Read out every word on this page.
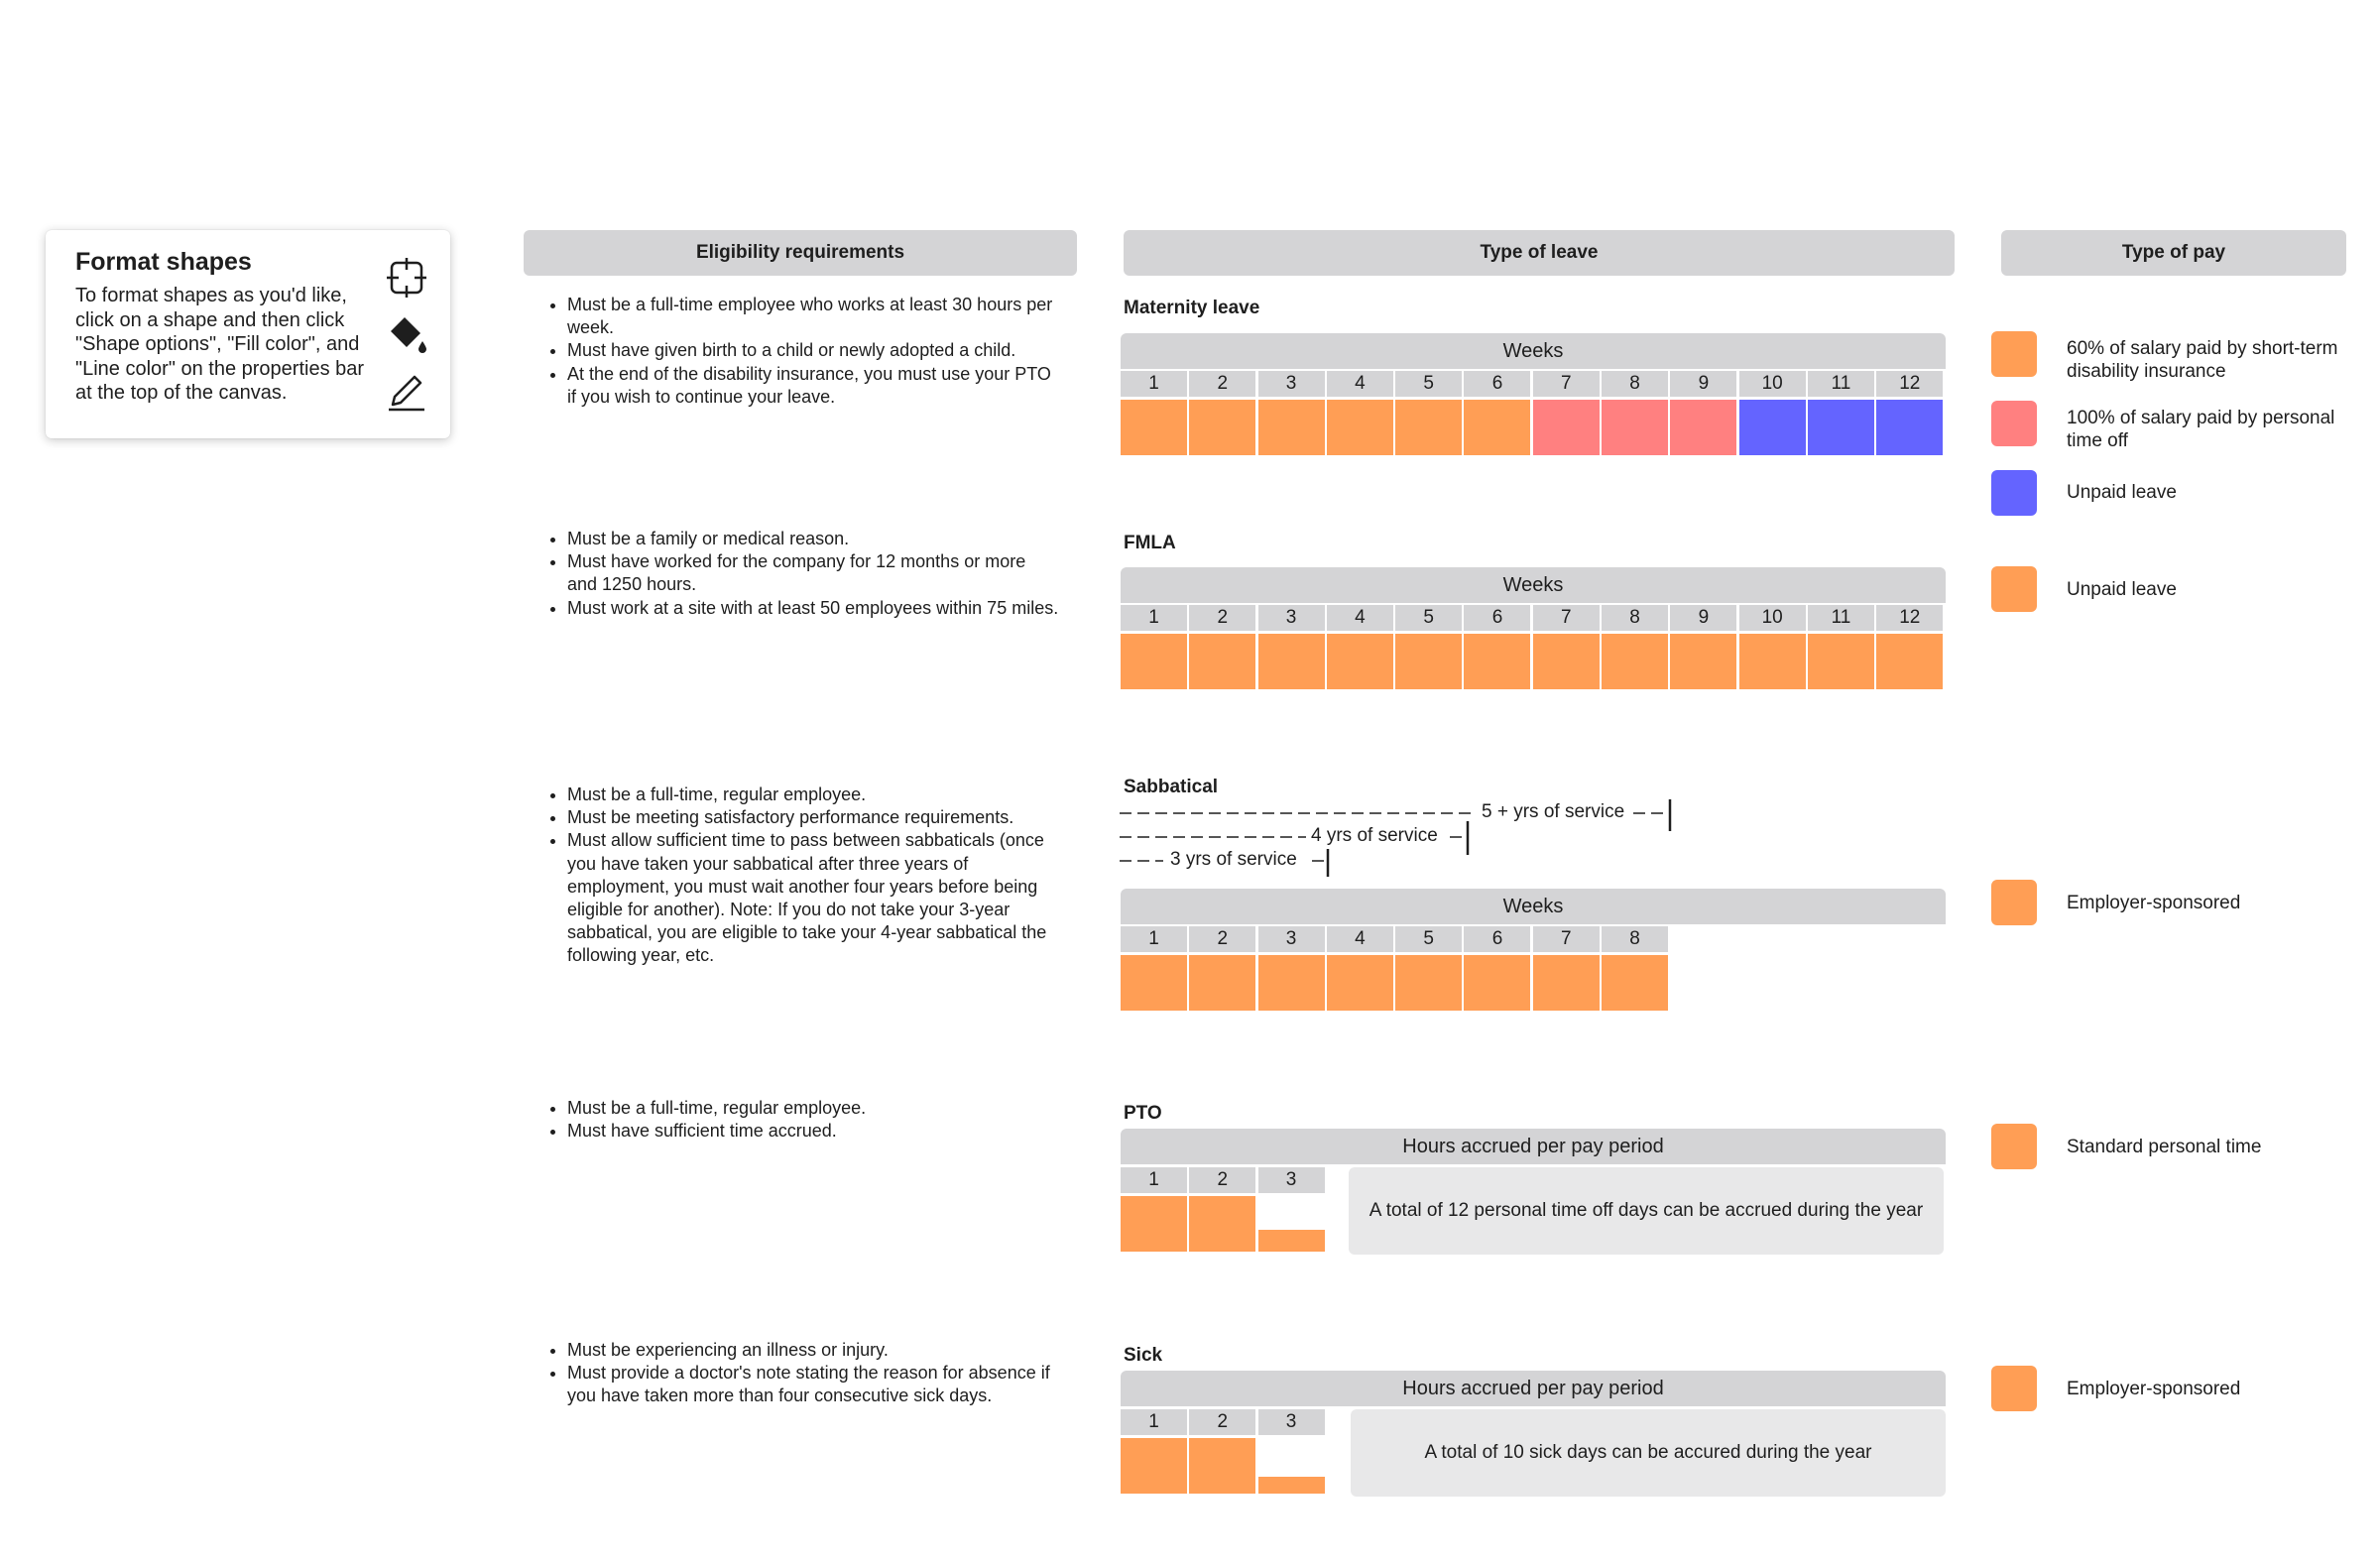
Format shapes
To format shapes as you'd like, click on a shape and then click "Shape options", "Fill color", and "Line color" on the properties bar at the top of the canvas.
Eligibility requirements	Type of leave	Type of pay
• Must be a full-time employee who works at least 30 hours per week.
• Must have given birth to a child or newly adopted a child.
• At the end of the disability insurance, you must use your PTO if you wish to continue your leave.
Maternity leave
Weeks
1	2	3	4	5	6	7	8	9	10	11	12
60% of salary paid by short-term disability insurance
100% of salary paid by personal time off
Unpaid leave
• Must be a family or medical reason.
• Must have worked for the company for 12 months or more and 1250 hours.
• Must work at a site with at least 50 employees within 75 miles.
FMLA
Weeks
1	2	3	4	5	6	7	8	9	10	11	12
Unpaid leave
• Must be a full-time, regular employee.
• Must be meeting satisfactory performance requirements.
• Must allow sufficient time to pass between sabbaticals (once you have taken your sabbatical after three years of employment, you must wait another four years before being eligible for another). Note: If you do not take your 3-year sabbatical, you are eligible to take your 4-year sabbatical the following year, etc.
Sabbatical
5 + yrs of service
4 yrs of service
3 yrs of service
Weeks
1	2	3	4	5	6	7	8
Employer-sponsored
• Must be a full-time, regular employee.
• Must have sufficient time accrued.
PTO
Hours accrued per pay period
1	2	3
A total of 12 personal time off days can be accrued during the year
Standard personal time
• Must be experiencing an illness or injury.
• Must provide a doctor's note stating the reason for absence if you have taken more than four consecutive sick days.
Sick
Hours accrued per pay period
1	2	3
A total of 10 sick days can be accured during the year
Employer-sponsored
